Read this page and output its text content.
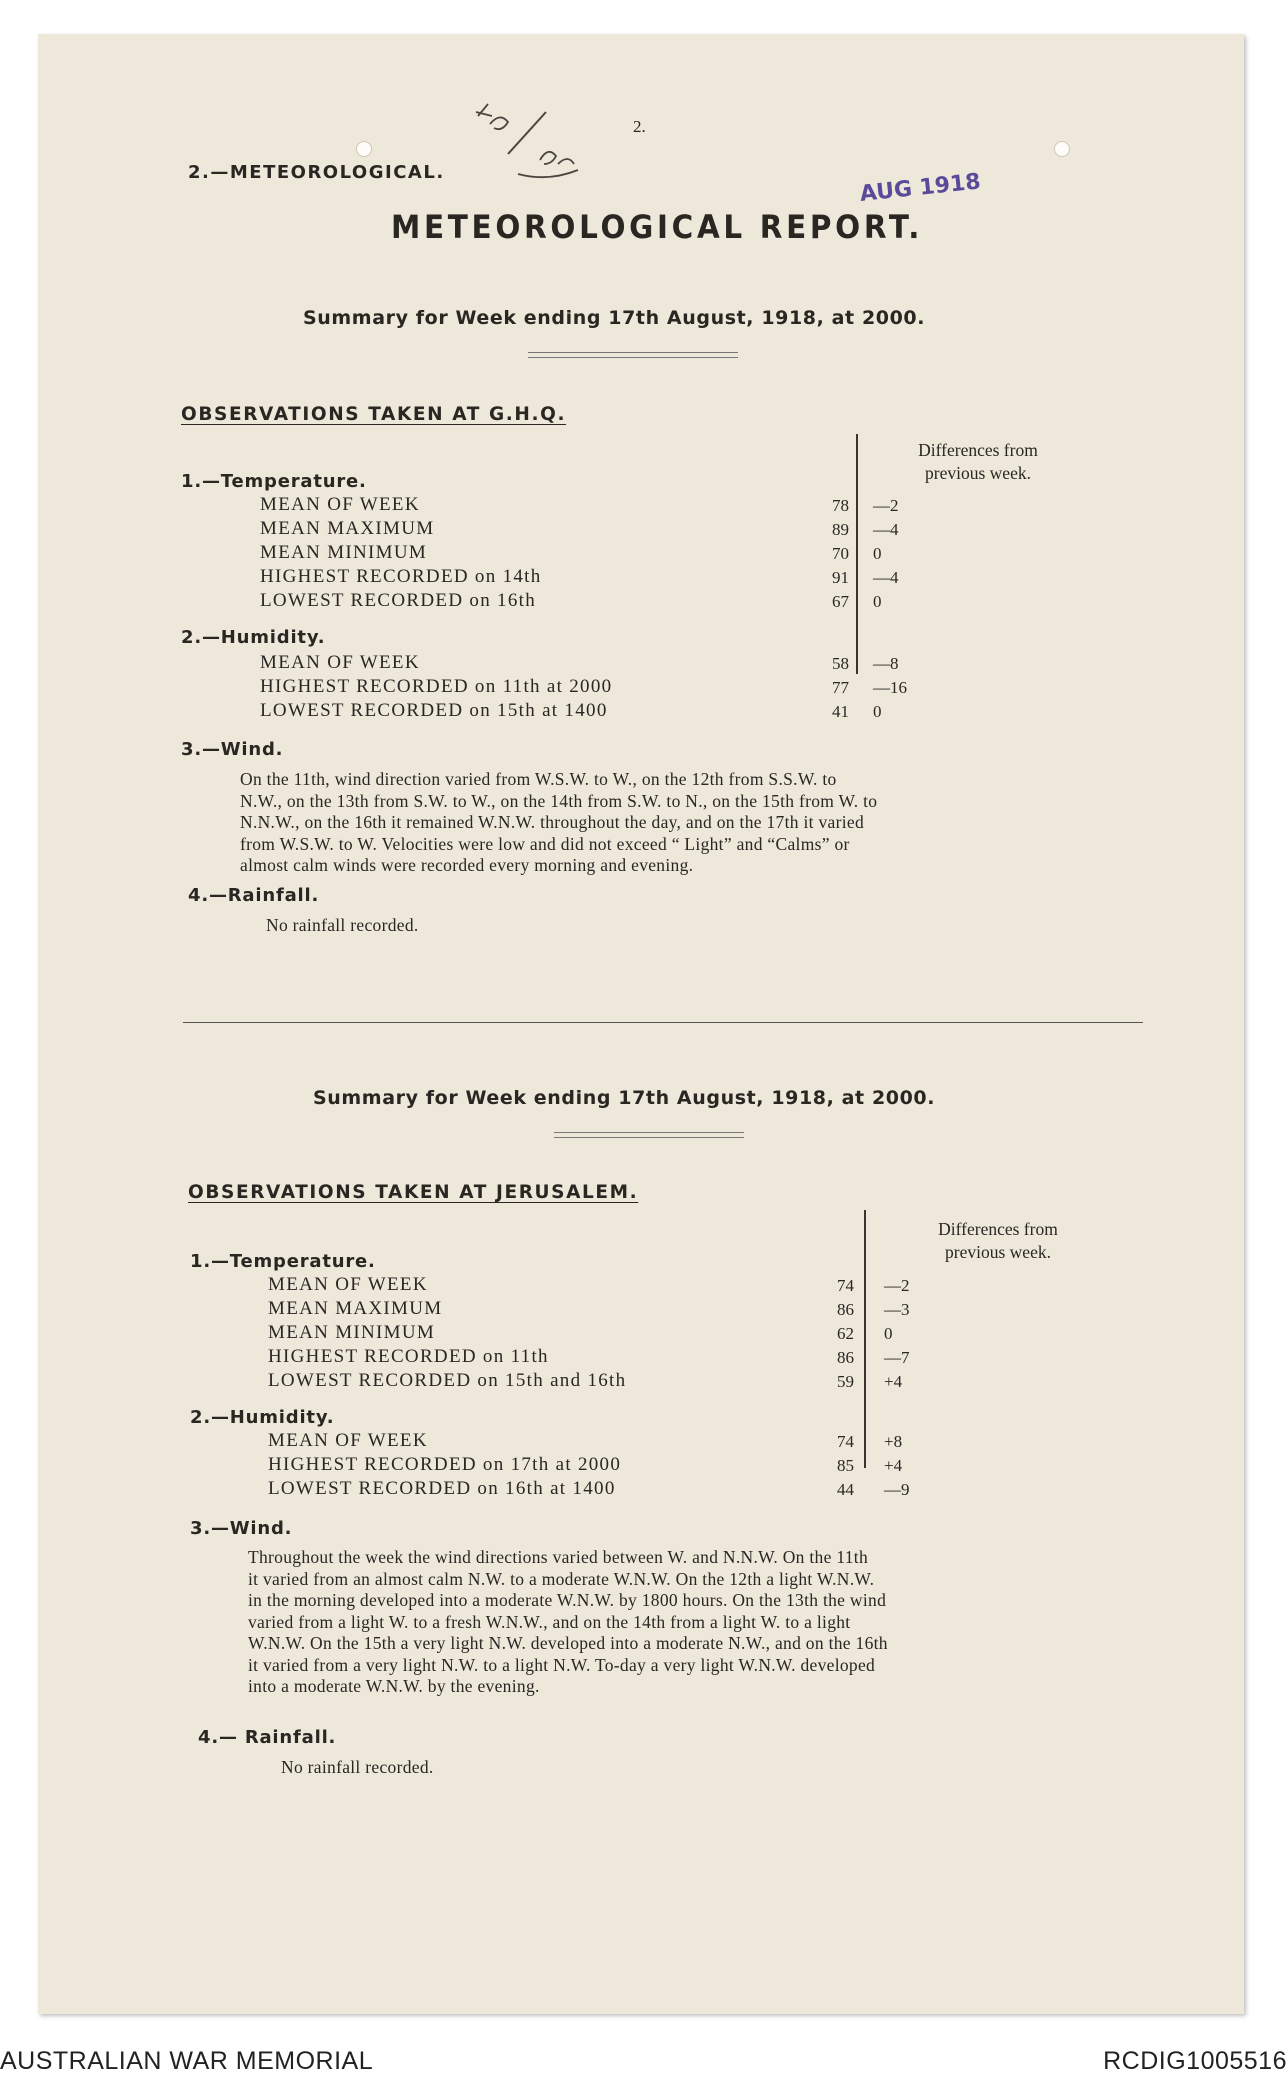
2.
2.—METEOROLOGICAL.	AUG 1918
METEOROLOGICAL REPORT.
Summary for Week ending 17th August, 1918, at 2000.
OBSERVATIONS TAKEN AT G.H.Q.
Differences from
previous week.
1.—Temperature.
MEAN OF WEEK	78 —2
MEAN MAXIMUM	89 —4
MEAN MINIMUM	70 0
HIGHEST RECORDED on 14th	91 —4
LOWEST RECORDED on 16th	67 0
2.—Humidity.
MEAN OF WEEK	58 —8
HIGHEST RECORDED on 11th at 2000	77 —16
LOWEST RECORDED on 15th at 1400	41 0
3.—Wind.
On the 11th, wind direction varied from W.S.W. to W., on the 12th from S.S.W. to
N.W., on the 13th from S.W. to W., on the 14th from S.W. to N., on the 15th from W. to
N.N.W., on the 16th it remained W.N.W. throughout the day, and on the 17th it varied
from W.S.W. to W. Velocities were low and did not exceed “ Light” and “Calms” or
almost calm winds were recorded every morning and evening.
4.—Rainfall.
No rainfall recorded.
Summary for Week ending 17th August, 1918, at 2000.
OBSERVATIONS TAKEN AT JERUSALEM.
Differences from
previous week.
1.—Temperature.
MEAN OF WEEK	74 —2
MEAN MAXIMUM	86 —3
MEAN MINIMUM	62 0
HIGHEST RECORDED on 11th	86 —7
LOWEST RECORDED on 15th and 16th	59 +4
2.—Humidity.
MEAN OF WEEK	74 +8
HIGHEST RECORDED on 17th at 2000	85 +4
LOWEST RECORDED on 16th at 1400	44 —9
3.—Wind.
Throughout the week the wind directions varied between W. and N.N.W. On the 11th
it varied from an almost calm N.W. to a moderate W.N.W. On the 12th a light W.N.W.
in the morning developed into a moderate W.N.W. by 1800 hours. On the 13th the wind
varied from a light W. to a fresh W.N.W., and on the 14th from a light W. to a light
W.N.W. On the 15th a very light N.W. developed into a moderate N.W., and on the 16th
it varied from a very light N.W. to a light N.W. To-day a very light W.N.W. developed
into a moderate W.N.W. by the evening.
4.— Rainfall.
No rainfall recorded.
AUSTRALIAN WAR MEMORIAL	RCDIG1005516
